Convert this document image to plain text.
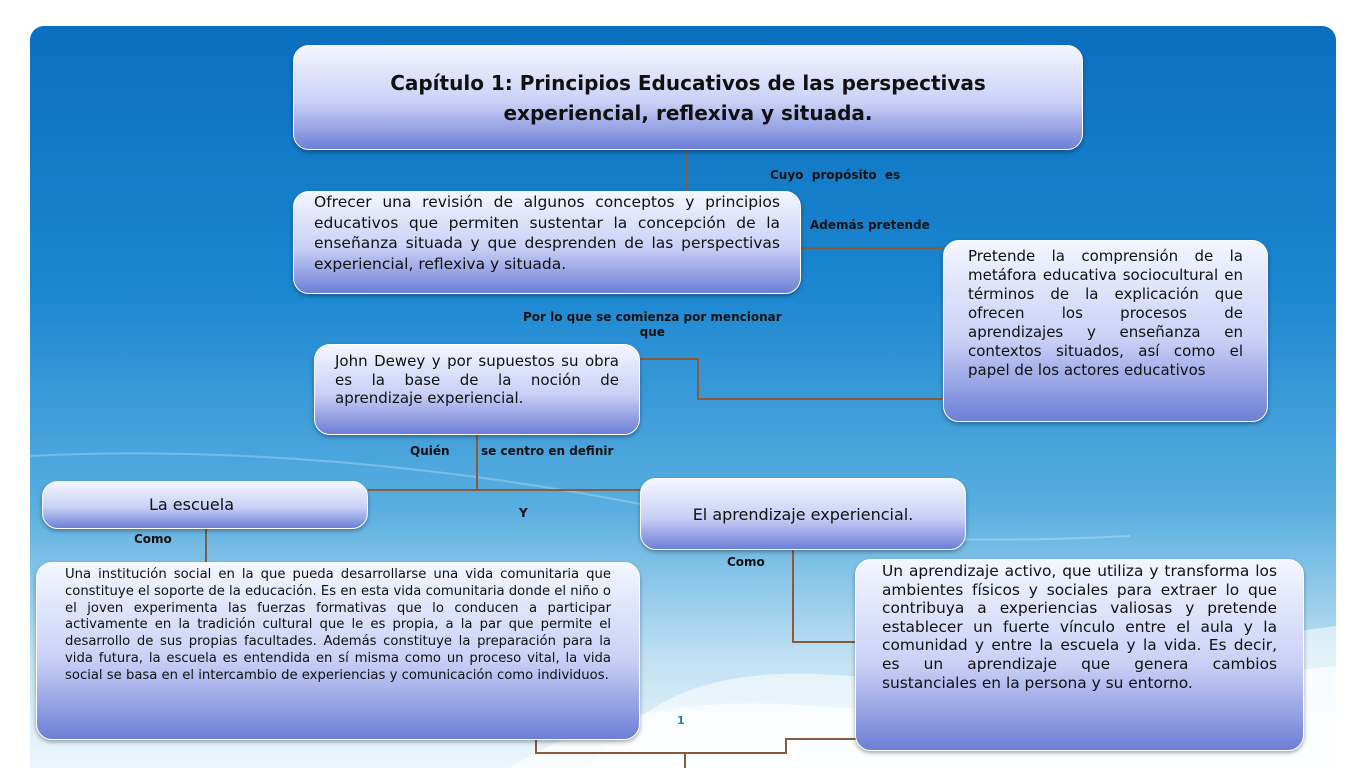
Capítulo 1: Principios Educativos de las perspectivas experiencial, reflexiva y situada.
Cuyo  propósito  es
Ofrecer una revisión de algunos conceptos y principios educativos que permiten sustentar la concepción de la enseñanza situada y que desprenden de las perspectivas experiencial, reflexiva y situada.
Además pretende
Pretende la comprensión de la metáfora educativa sociocultural en términos de la explicación que ofrecen los procesos de aprendizajes y enseñanza en contextos situados, así como el papel de los actores educativos
Por lo que se comienza por mencionar
que
John Dewey y por supuestos su obra es la base de la noción de aprendizaje experiencial.
Quién	se centro en definir
La escuela	Y	El aprendizaje experiencial.
Como
Como
Una institución social en la que pueda desarrollarse una vida comunitaria que constituye el soporte de la educación. Es en esta vida comunitaria donde el niño o el joven experimenta las fuerzas formativas que lo conducen a participar activamente en la tradición cultural que le es propia, a la par que permite el desarrollo de sus propias facultades. Además constituye la preparación para la vida futura, la escuela es entendida en sí misma como un proceso vital, la vida social se basa en el intercambio de experiencias y comunicación como individuos.
Un aprendizaje activo, que utiliza y transforma los ambientes físicos y sociales para extraer lo que contribuya a experiencias valiosas y pretende establecer un fuerte vínculo entre el aula y la comunidad y entre la escuela y la vida. Es decir, es un aprendizaje que genera cambios sustanciales en la persona y su entorno.
1
